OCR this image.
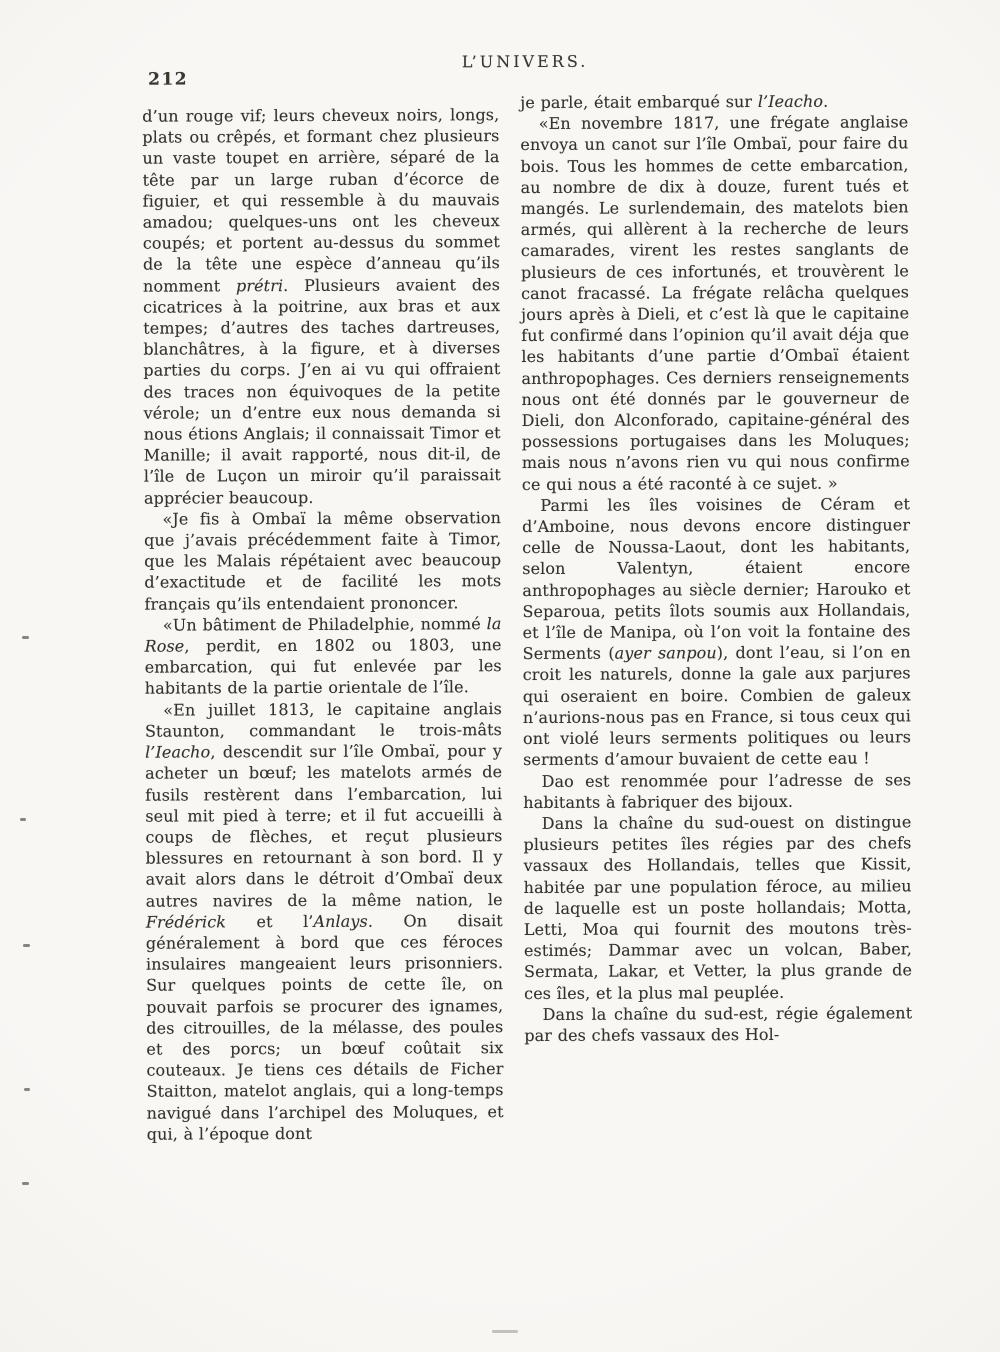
212
L’UNIVERS.

d’un rouge vif; leurs cheveux noirs, longs, plats ou crêpés, et formant chez plusieurs un vaste toupet en arrière, séparé de la tête par un large ruban d’écorce de figuier, et qui ressemble à du mauvais amadou; quelques-uns ont les cheveux coupés; et portent au-dessus du sommet de la tête une espèce d’anneau qu’ils nomment prétri. Plusieurs avaient des cicatrices à la poitrine, aux bras et aux tempes; d’autres des taches dartreuses, blanchâtres, à la figure, et à diverses parties du corps. J’en ai vu qui offraient des traces non équivoques de la petite vérole; un d’entre eux nous demanda si nous étions Anglais; il connaissait Timor et Manille; il avait rapporté, nous dit-il, de l’île de Luçon un miroir qu’il paraissait apprécier beaucoup.

«Je fis à Ombaï la même observation que j’avais précédemment faite à Timor, que les Malais répétaient avec beaucoup d’exactitude et de facilité les mots français qu’ils entendaient prononcer.

«Un bâtiment de Philadelphie, nommé la Rose, perdit, en 1802 ou 1803, une embarcation, qui fut enlevée par les habitants de la partie orientale de l’île.

«En juillet 1813, le capitaine anglais Staunton, commandant le trois-mâts l’Ieacho, descendit sur l’île Ombaï, pour y acheter un bœuf; les matelots armés de fusils restèrent dans l’embarcation, lui seul mit pied à terre; et il fut accueilli à coups de flèches, et reçut plusieurs blessures en retournant à son bord. Il y avait alors dans le détroit d’Ombaï deux autres navires de la même nation, le Frédérick et l’Anlays. On disait généralement à bord que ces féroces insulaires mangeaient leurs prisonniers. Sur quelques points de cette île, on pouvait parfois se procurer des ignames, des citrouilles, de la mélasse, des poules et des porcs; un bœuf coûtait six couteaux. Je tiens ces détails de Ficher Staitton, matelot anglais, qui a long-temps navigué dans l’archipel des Moluques, et qui, à l’époque dont

je parle, était embarqué sur l’Ieacho.

«En novembre 1817, une frégate anglaise envoya un canot sur l’île Ombaï, pour faire du bois. Tous les hommes de cette embarcation, au nombre de dix à douze, furent tués et mangés. Le surlendemain, des matelots bien armés, qui allèrent à la recherche de leurs camarades, virent les restes sanglants de plusieurs de ces infortunés, et trouvèrent le canot fracassé. La frégate relâcha quelques jours après à Dieli, et c’est là que le capitaine fut confirmé dans l’opinion qu’il avait déja que les habitants d’une partie d’Ombaï étaient anthropophages. Ces derniers renseignements nous ont été donnés par le gouverneur de Dieli, don Alconforado, capitaine-général des possessions portugaises dans les Moluques; mais nous n’avons rien vu qui nous confirme ce qui nous a été raconté à ce sujet. »

Parmi les îles voisines de Céram et d’Amboine, nous devons encore distinguer celle de Noussa-Laout, dont les habitants, selon Valentyn, étaient encore anthropophages au siècle dernier; Harouko et Separoua, petits îlots soumis aux Hollandais, et l’île de Manipa, où l’on voit la fontaine des Serments (ayer sanpou), dont l’eau, si l’on en croit les naturels, donne la gale aux parjures qui oseraient en boire. Combien de galeux n’aurions-nous pas en France, si tous ceux qui ont violé leurs serments politiques ou leurs serments d’amour buvaient de cette eau !

Dao est renommée pour l’adresse de ses habitants à fabriquer des bijoux.

Dans la chaîne du sud-ouest on distingue plusieurs petites îles régies par des chefs vassaux des Hollandais, telles que Kissit, habitée par une population féroce, au milieu de laquelle est un poste hollandais; Motta, Letti, Moa qui fournit des moutons très-estimés; Dammar avec un volcan, Baber, Sermata, Lakar, et Vetter, la plus grande de ces îles, et la plus mal peuplée.

Dans la chaîne du sud-est, régie également par des chefs vassaux des Hol-
